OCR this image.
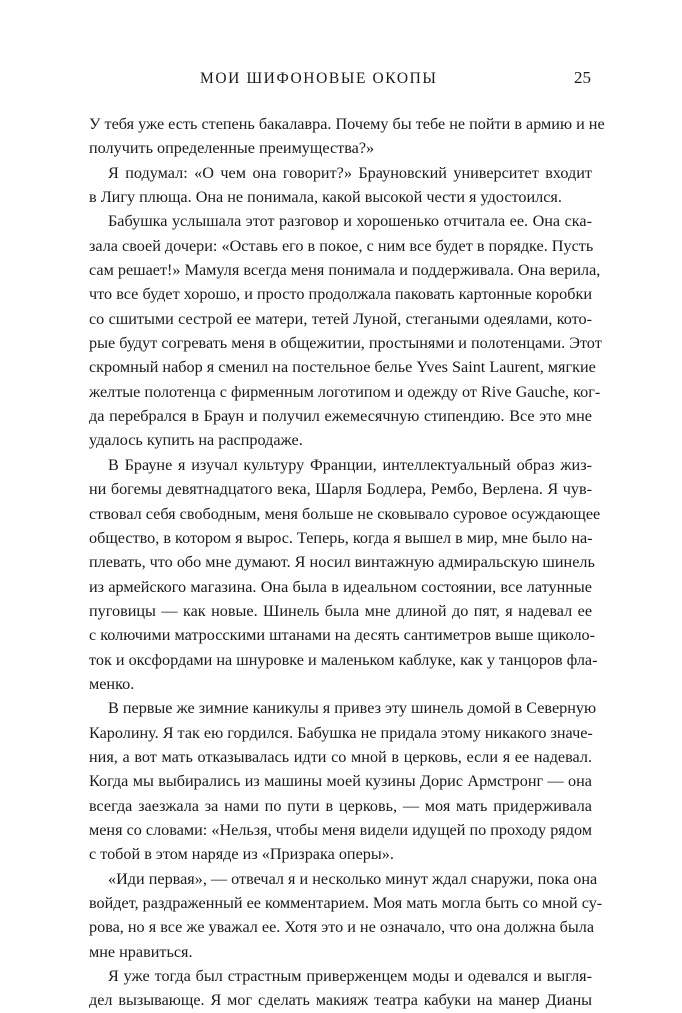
МОИ ШИФОНОВЫЕ ОКОПЫ	25
У тебя уже есть степень бакалавра. Почему бы тебе не пойти в армию и не
получить определенные преимущества?»
Я подумал: «О чем она говорит?» Брауновский университет входит
в Лигу плюща. Она не понимала, какой высокой чести я удостоился.
Бабушка услышала этот разговор и хорошенько отчитала ее. Она ска-
зала своей дочери: «Оставь его в покое, с ним все будет в порядке. Пусть
сам решает!» Мамуля всегда меня понимала и поддерживала. Она верила,
что все будет хорошо, и просто продолжала паковать картонные коробки
со сшитыми сестрой ее матери, тетей Луной, стегаными одеялами, кото-
рые будут согревать меня в общежитии, простынями и полотенцами. Этот
скромный набор я сменил на постельное белье Yves Saint Laurent, мягкие
желтые полотенца с фирменным логотипом и одежду от Rive Gauche, ког-
да перебрался в Браун и получил ежемесячную стипендию. Все это мне
удалось купить на распродаже.
В Брауне я изучал культуру Франции, интеллектуальный образ жиз-
ни богемы девятнадцатого века, Шарля Бодлера, Рембо, Верлена. Я чув-
ствовал себя свободным, меня больше не сковывало суровое осуждающее
общество, в котором я вырос. Теперь, когда я вышел в мир, мне было на-
плевать, что обо мне думают. Я носил винтажную адмиральскую шинель
из армейского магазина. Она была в идеальном состоянии, все латунные
пуговицы — как новые. Шинель была мне длиной до пят, я надевал ее
с колючими матросскими штанами на десять сантиметров выше щиколо-
ток и оксфордами на шнуровке и маленьком каблуке, как у танцоров фла-
менко.
В первые же зимние каникулы я привез эту шинель домой в Северную
Каролину. Я так ею гордился. Бабушка не придала этому никакого значе-
ния, а вот мать отказывалась идти со мной в церковь, если я ее надевал.
Когда мы выбирались из машины моей кузины Дорис Армстронг — она
всегда заезжала за нами по пути в церковь, — моя мать придерживала
меня со словами: «Нельзя, чтобы меня видели идущей по проходу рядом
с тобой в этом наряде из «Призрака оперы».
«Иди первая», — отвечал я и несколько минут ждал снаружи, пока она
войдет, раздраженный ее комментарием. Моя мать могла быть со мной су-
рова, но я все же уважал ее. Хотя это и не означало, что она должна была
мне нравиться.
Я уже тогда был страстным приверженцем моды и одевался и выгля-
дел вызывающе. Я мог сделать макияж театра кабуки на манер Дианы
